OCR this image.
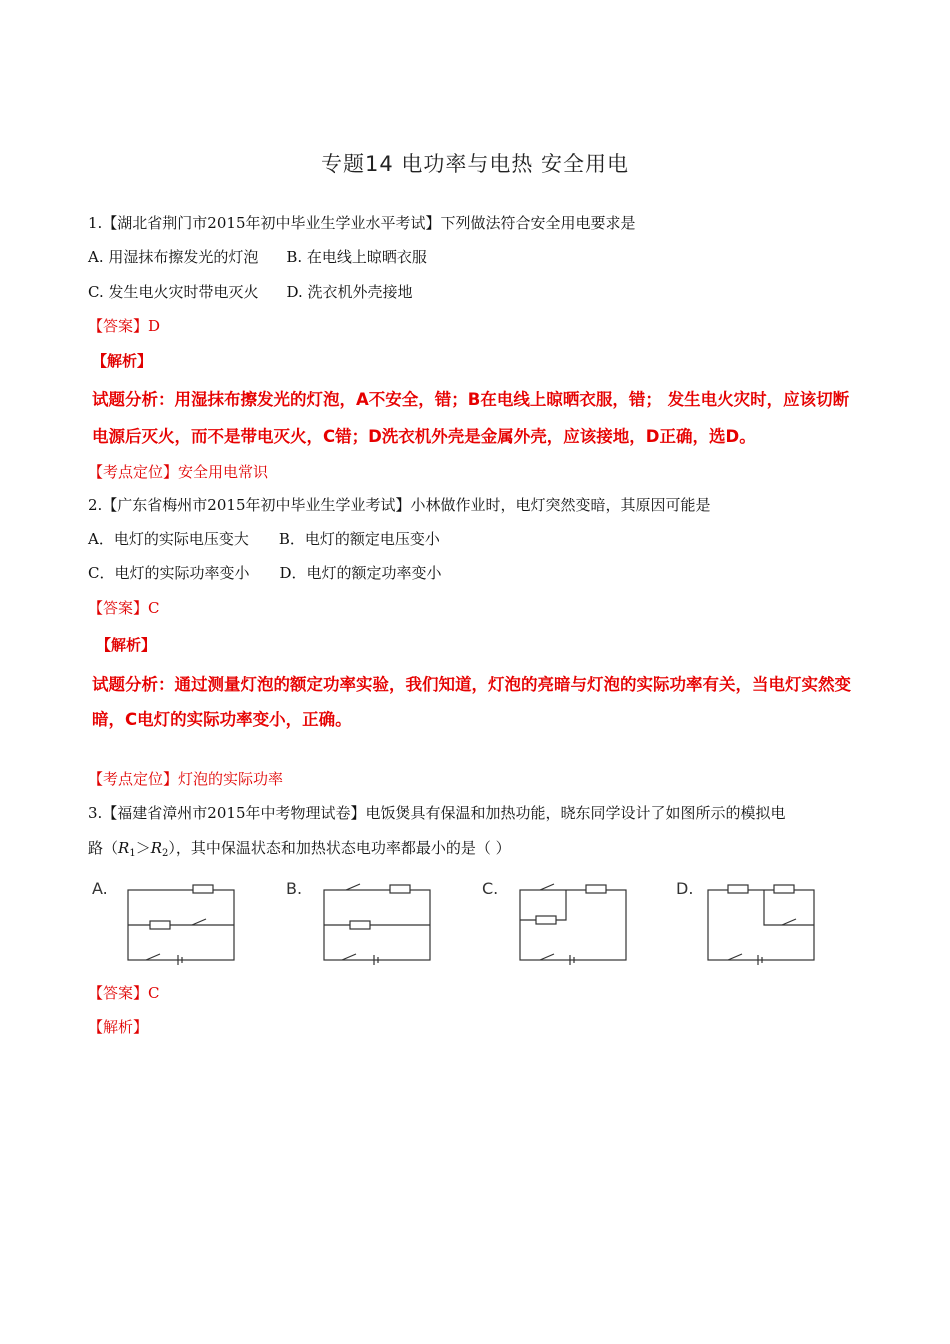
专题14 电功率与电热 安全用电
1.【湖北省荆门市2015年初中毕业生学业水平考试】下列做法符合安全用电要求是
A. 用湿抹布擦发光的灯泡 B. 在电线上晾晒衣服
C. 发生电火灾时带电灭火 D. 洗衣机外壳接地
【答案】D
【解析】
试题分析：用湿抹布擦发光的灯泡，A不安全，错；B在电线上晾晒衣服，错； 发生电火灾时，应该切断
电源后灭火，而不是带电灭火，C错；D洗衣机外壳是金属外壳，应该接地，D正确，选D。
【考点定位】安全用电常识
2.【广东省梅州市2015年初中毕业生学业考试】小林做作业时，电灯突然变暗，其原因可能是
A．电灯的实际电压变大 B．电灯的额定电压变小
C．电灯的实际功率变小 D．电灯的额定功率变小
【答案】C
【解析】
试题分析：通过测量灯泡的额定功率实验，我们知道，灯泡的亮暗与灯泡的实际功率有关，当电灯实然变
暗，C电灯的实际功率变小，正确。
【考点定位】灯泡的实际功率
3.【福建省漳州市2015年中考物理试卷】电饭煲具有保温和加热功能，晓东同学设计了如图所示的模拟电
路$(R_1>R_2)$，其中保温状态和加热状态电功率都最小的是（ ）
A.	B.	C.	D.
【答案】C
【解析】
